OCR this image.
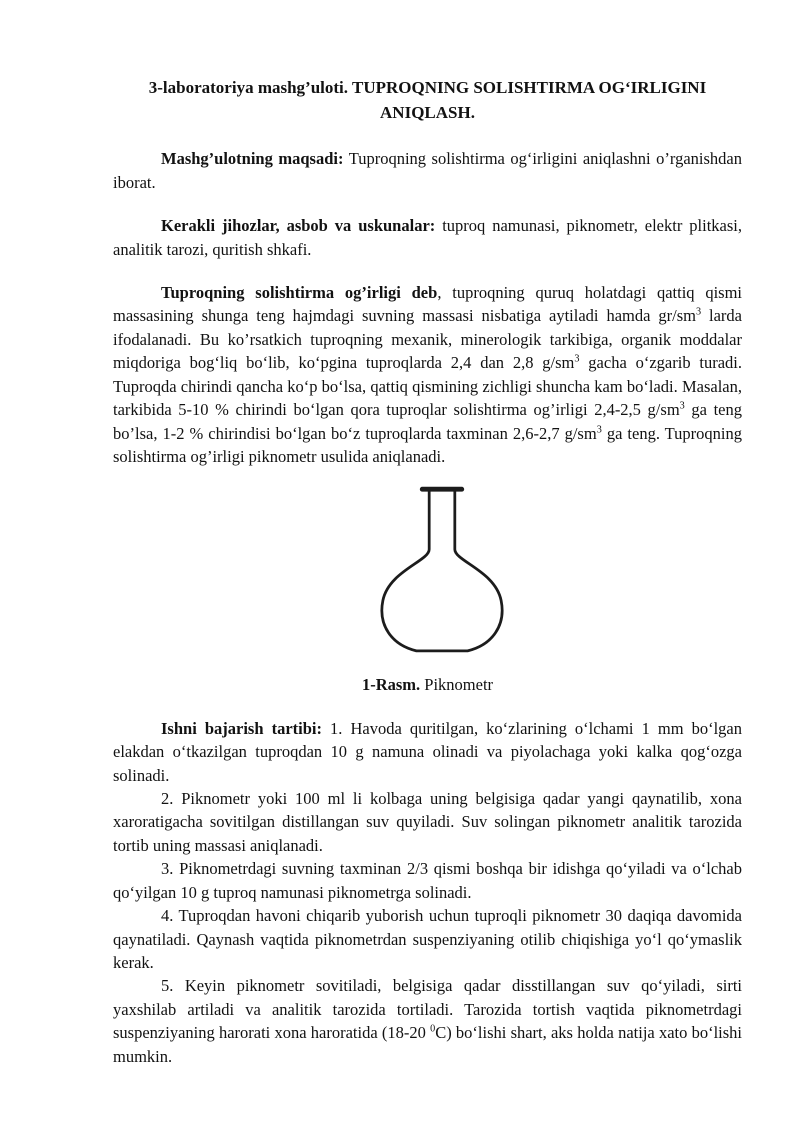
3-laboratoriya mashg’uloti. TUPROQNING SOLISHTIRMA OG‘IRLIGINI ANIQLASH.

Mashg’ulotning maqsadi: Tuproqning solishtirma og‘irligini aniqlashni o’rganishdan iborat.

Kerakli jihozlar, asbob va uskunalar: tuproq namunasi, piknometr, elektr plitkasi, analitik tarozi, quritish shkafi.

Tuproqning solishtirma og’irligi deb, tuproqning quruq holatdagi qattiq qismi massasining shunga teng hajmdagi suvning massasi nisbatiga aytiladi hamda $gr/sm^3$ larda ifodalanadi. Bu ko’rsatkich tuproqning mexanik, minerologik tarkibiga, organik moddalar miqdoriga bog‘liq bo‘lib, ko‘pgina tuproqlarda 2,4 dan 2,8 $g/sm^3$ gacha o‘zgarib turadi. Tuproqda chirindi qancha ko‘p bo‘lsa, qattiq qismining zichligi shuncha kam bo‘ladi. Masalan, tarkibida 5-10 % chirindi bo‘lgan qora tuproqlar solishtirma og’irligi 2,4-2,5 $g/sm^3$ ga teng bo’lsa, 1-2 % chirindisi bo‘lgan bo‘z tuproqlarda taxminan 2,6-2,7 $g/sm^3$ ga teng. Tuproqning solishtirma og’irligi piknometr usulida aniqlanadi.

1-Rasm. Piknometr

Ishni bajarish tartibi: 1. Havoda quritilgan, ko‘zlarining o‘lchami 1 mm bo‘lgan elakdan o‘tkazilgan tuproqdan 10 g namuna olinadi va piyolachaga yoki kalka qog‘ozga solinadi.

2. Piknometr yoki 100 ml li kolbaga uning belgisiga qadar yangi qaynatilib, xona xaroratigacha sovitilgan distillangan suv quyiladi. Suv solingan piknometr analitik tarozida tortib uning massasi aniqlanadi.

3. Piknometrdagi suvning taxminan 2/3 qismi boshqa bir idishga qo‘yiladi va o‘lchab qo‘yilgan 10 g tuproq namunasi piknometrga solinadi.

4. Tuproqdan havoni chiqarib yuborish uchun tuproqli piknometr 30 daqiqa davomida qaynatiladi. Qaynash vaqtida piknometrdan suspenziyaning otilib chiqishiga yo‘l qo‘ymaslik kerak.

5. Keyin piknometr sovitiladi, belgisiga qadar disstillangan suv qo‘yiladi, sirti yaxshilab artiladi va analitik tarozida tortiladi. Tarozida tortish vaqtida piknometrdagi suspenziyaning harorati xona haroratida (18-20 $^0$C) bo‘lishi shart, aks holda natija xato bo‘lishi mumkin.
